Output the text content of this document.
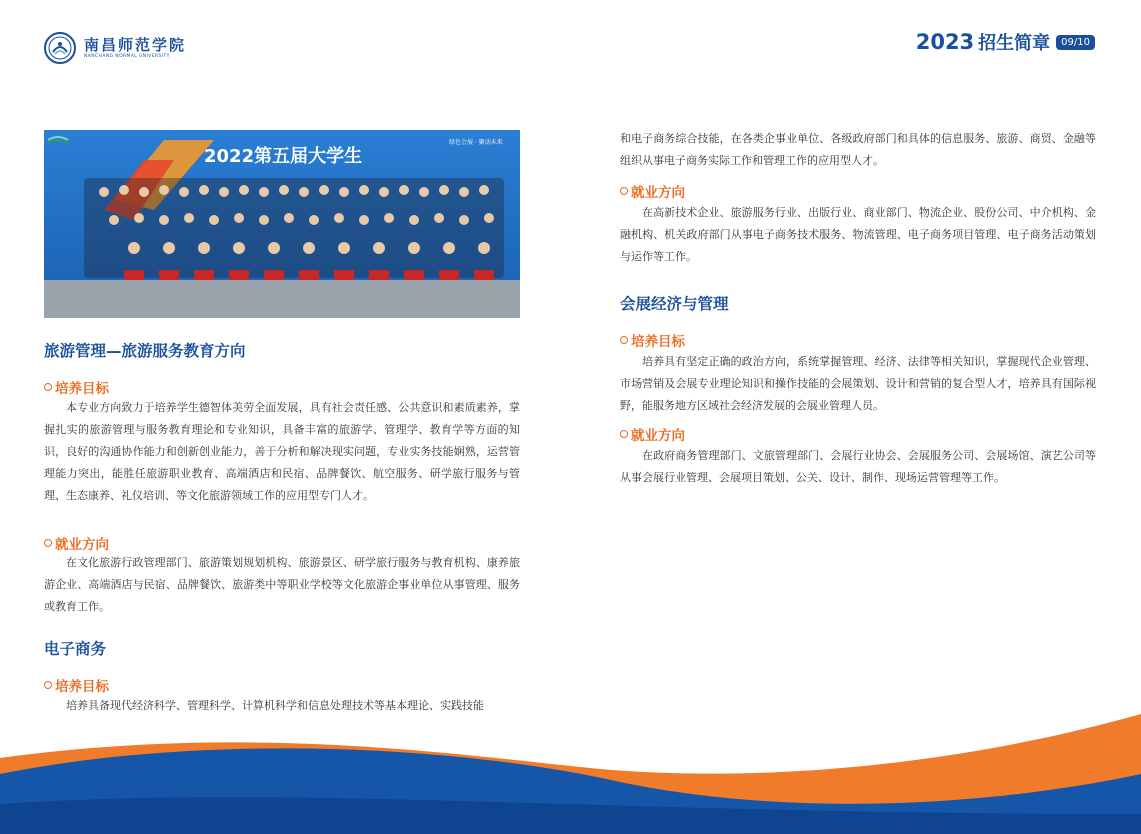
南昌师范学院
NANCHANG NORMAL UNIVERSITY
2023 招生简章	09/10
2022第五届大学生
绿色会展 · 聚动未来
旅游管理—旅游服务教育方向
培养目标

本专业方向致力于培养学生德智体美劳全面发展，具有社会责任感、公共意识和素质素养，掌握扎实的旅游管理与服务教育理论和专业知识，具备丰富的旅游学、管理学、教育学等方面的知识，良好的沟通协作能力和创新创业能力，善于分析和解决现实问题，专业实务技能娴熟，运营管理能力突出，能胜任旅游职业教育、高端酒店和民宿、品牌餐饮、航空服务、研学旅行服务与管理、生态康养、礼仪培训、等文化旅游领域工作的应用型专门人才。

就业方向

在文化旅游行政管理部门、旅游策划规划机构、旅游景区、研学旅行服务与教育机构、康养旅游企业、高端酒店与民宿、品牌餐饮、旅游类中等职业学校等文化旅游企事业单位从事管理、服务或教育工作。

电子商务
培养目标

培养具备现代经济科学、管理科学、计算机科学和信息处理技术等基本理论、实践技能

和电子商务综合技能，在各类企事业单位、各级政府部门和具体的信息服务、旅游、商贸、金融等组织从事电子商务实际工作和管理工作的应用型人才。

就业方向

在高新技术企业、旅游服务行业、出版行业、商业部门、物流企业、股份公司、中介机构、金融机构、机关政府部门从事电子商务技术服务、物流管理、电子商务项目管理、电子商务活动策划与运作等工作。

会展经济与管理
培养目标

培养具有坚定正确的政治方向，系统掌握管理、经济、法律等相关知识，掌握现代企业管理、市场营销及会展专业理论知识和操作技能的会展策划、设计和营销的复合型人才，培养具有国际视野，能服务地方区域社会经济发展的会展业管理人员。

就业方向

在政府商务管理部门、文旅管理部门、会展行业协会、会展服务公司、会展场馆、演艺公司等从事会展行业管理、会展项目策划、公关、设计、制作、现场运营管理等工作。
